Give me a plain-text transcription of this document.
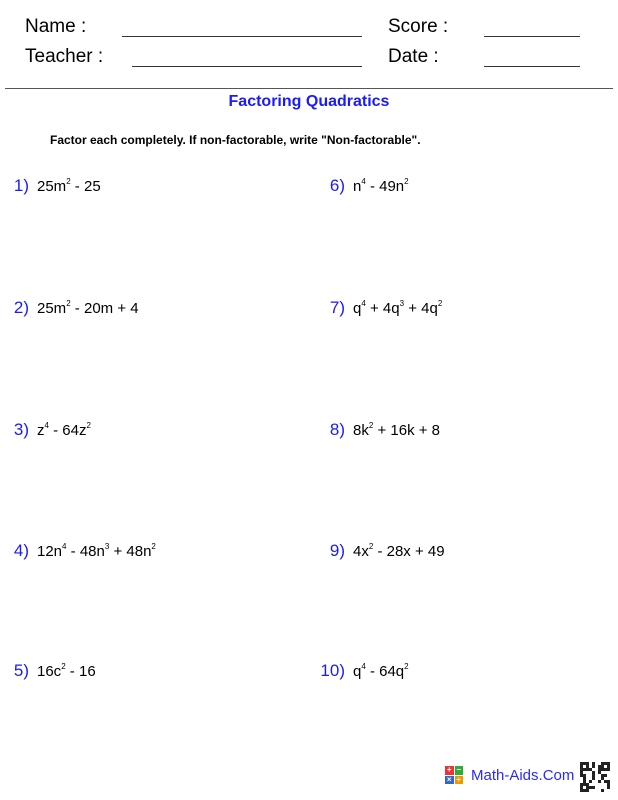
Name :
Teacher :
Score :
Date :
Factoring Quadratics
Factor each completely. If non-factorable, write "Non-factorable".
1) $25m^2 - 25$
2) $25m^2 - 20m + 4$
3) $z^4 - 64z^2$
4) $12n^4 - 48n^3 + 48n^2$
5) $16c^2 - 16$
6) $n^4 - 49n^2$
7) $q^4 + 4q^3 + 4q^2$
8) $8k^2 + 16k + 8$
9) $4x^2 - 28x + 49$
10) $q^4 - 64q^2$
+ −
× ÷ Math-Aids.Com
